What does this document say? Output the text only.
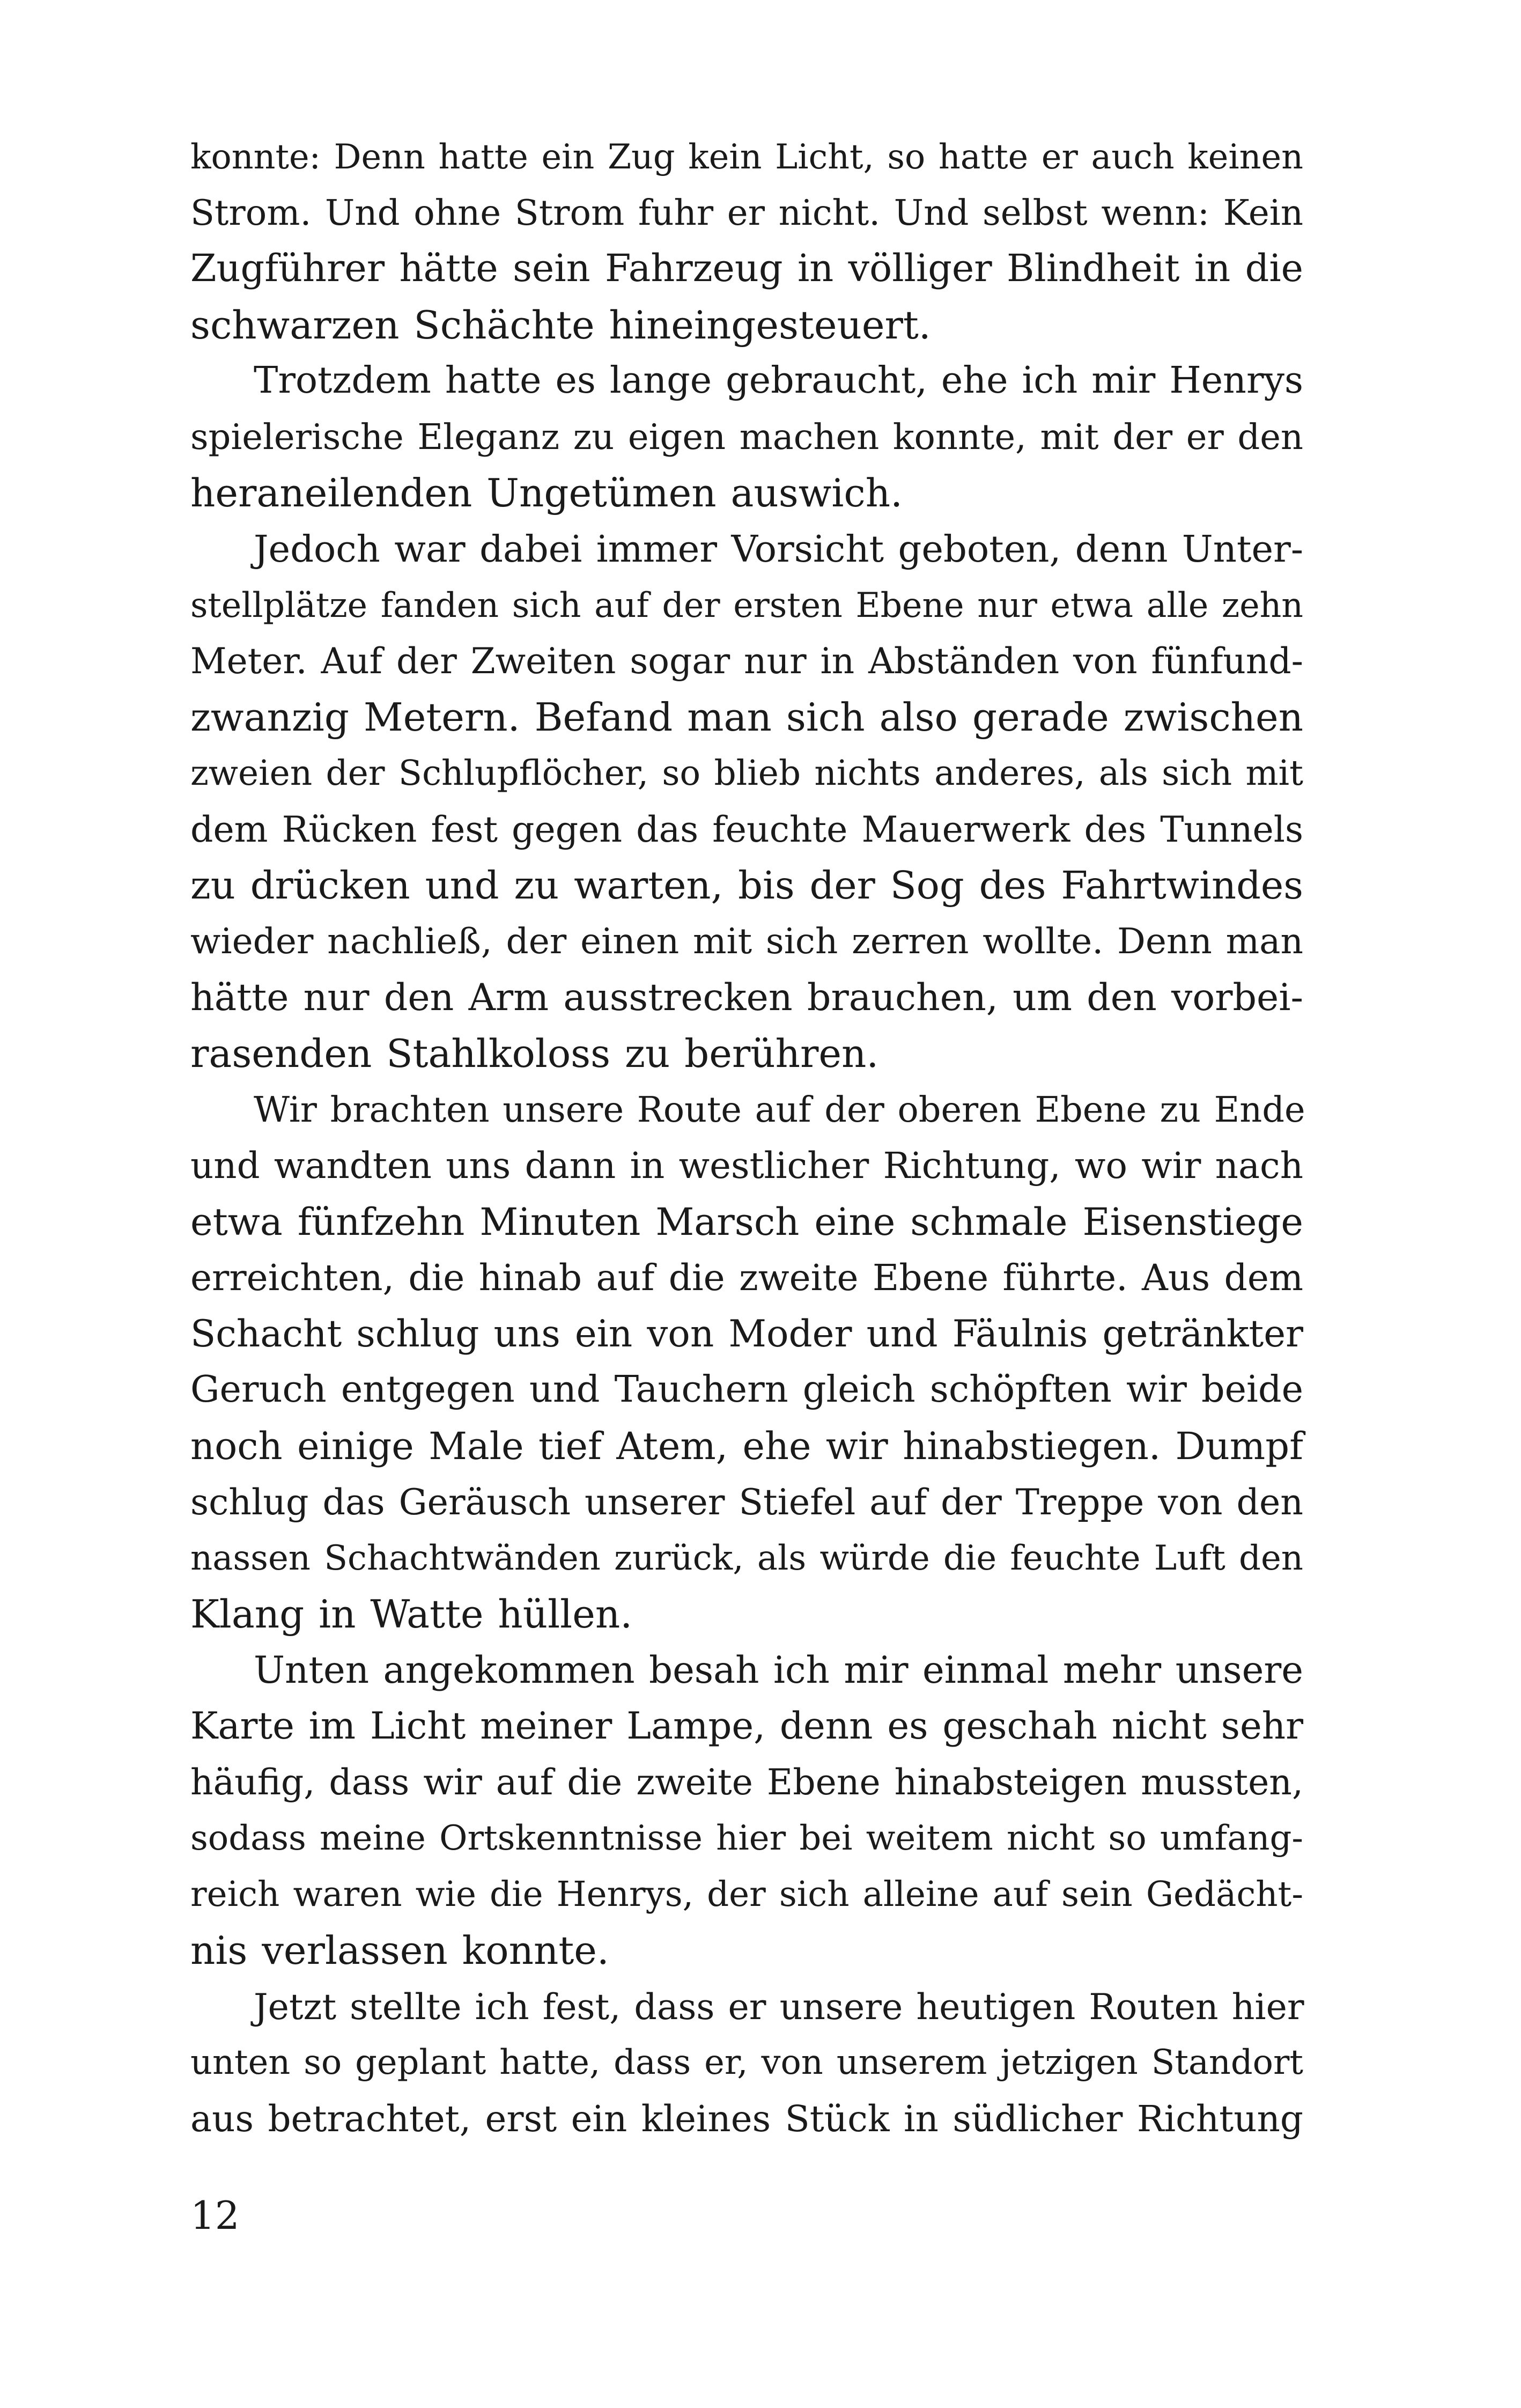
konnte: Denn hatte ein Zug kein Licht, so hatte er auch keinen
Strom. Und ohne Strom fuhr er nicht. Und selbst wenn: Kein
Zugführer hätte sein Fahrzeug in völliger Blindheit in die
schwarzen Schächte hineingesteuert.
Trotzdem hatte es lange gebraucht, ehe ich mir Henrys
spielerische Eleganz zu eigen machen konnte, mit der er den
heraneilenden Ungetümen auswich.
Jedoch war dabei immer Vorsicht geboten, denn Unter-
stellplätze fanden sich auf der ersten Ebene nur etwa alle zehn
Meter. Auf der Zweiten sogar nur in Abständen von fünfund-
zwanzig Metern. Befand man sich also gerade zwischen
zweien der Schlupflöcher, so blieb nichts anderes, als sich mit
dem Rücken fest gegen das feuchte Mauerwerk des Tunnels
zu drücken und zu warten, bis der Sog des Fahrtwindes
wieder nachließ, der einen mit sich zerren wollte. Denn man
hätte nur den Arm ausstrecken brauchen, um den vorbei-
rasenden Stahlkoloss zu berühren.
Wir brachten unsere Route auf der oberen Ebene zu Ende
und wandten uns dann in westlicher Richtung, wo wir nach
etwa fünfzehn Minuten Marsch eine schmale Eisenstiege
erreichten, die hinab auf die zweite Ebene führte. Aus dem
Schacht schlug uns ein von Moder und Fäulnis getränkter
Geruch entgegen und Tauchern gleich schöpften wir beide
noch einige Male tief Atem, ehe wir hinabstiegen. Dumpf
schlug das Geräusch unserer Stiefel auf der Treppe von den
nassen Schachtwänden zurück, als würde die feuchte Luft den
Klang in Watte hüllen.
Unten angekommen besah ich mir einmal mehr unsere
Karte im Licht meiner Lampe, denn es geschah nicht sehr
häufig, dass wir auf die zweite Ebene hinabsteigen mussten,
sodass meine Ortskenntnisse hier bei weitem nicht so umfang-
reich waren wie die Henrys, der sich alleine auf sein Gedächt-
nis verlassen konnte.
Jetzt stellte ich fest, dass er unsere heutigen Routen hier
unten so geplant hatte, dass er, von unserem jetzigen Standort
aus betrachtet, erst ein kleines Stück in südlicher Richtung
12
